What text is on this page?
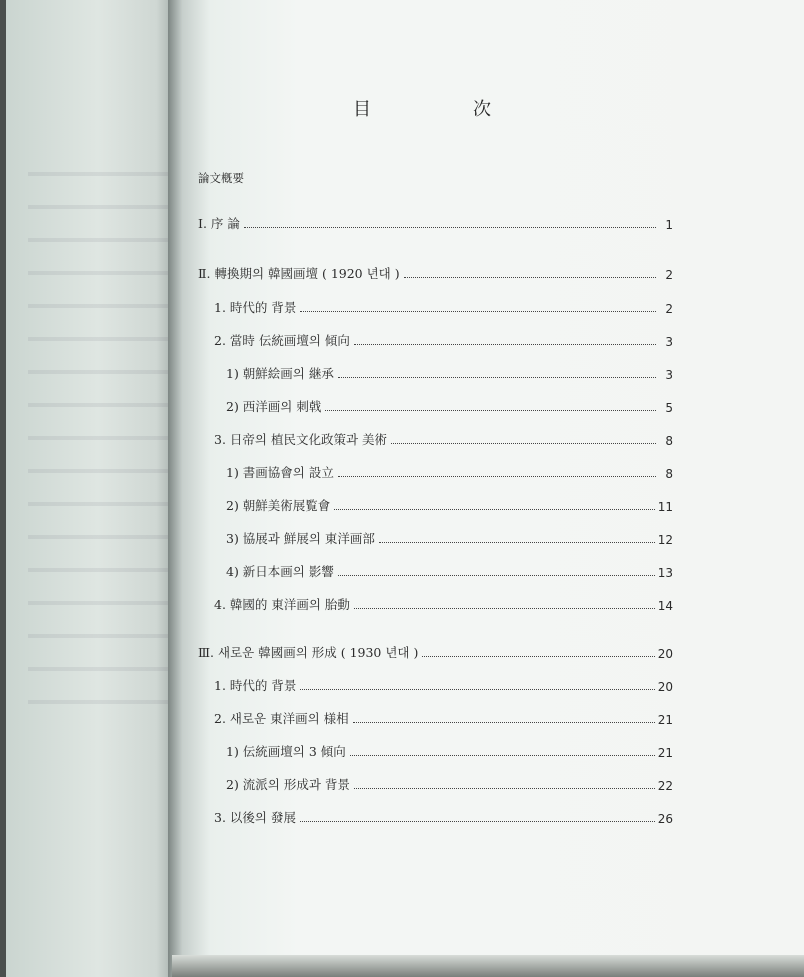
目	次
論文槪要
Ⅰ. 序 論	1
Ⅱ. 轉換期의 韓國画壇 ( 1920 년대 )	2
1. 時代的 背景	2
2. 當時 伝統画壇의 傾向	3
1) 朝鮮絵画의 継承	3
2) 西洋画의 刺戟	5
3. 日帝의 植民文化政策과 美術	8
1) 書画協會의 設立	8
2) 朝鮮美術展覧會	11
3) 協展과 鮮展의 東洋画部	12
4) 新日本画의 影響	13
4. 韓國的 東洋画의 胎動	14
Ⅲ. 새로운 韓國画의 形成 ( 1930 년대 )	20
1. 時代的 背景	20
2. 새로운 東洋画의 様相	21
1) 伝統画壇의 3 傾向	21
2) 流派의 形成과 背景	22
3. 以後의 發展	26
